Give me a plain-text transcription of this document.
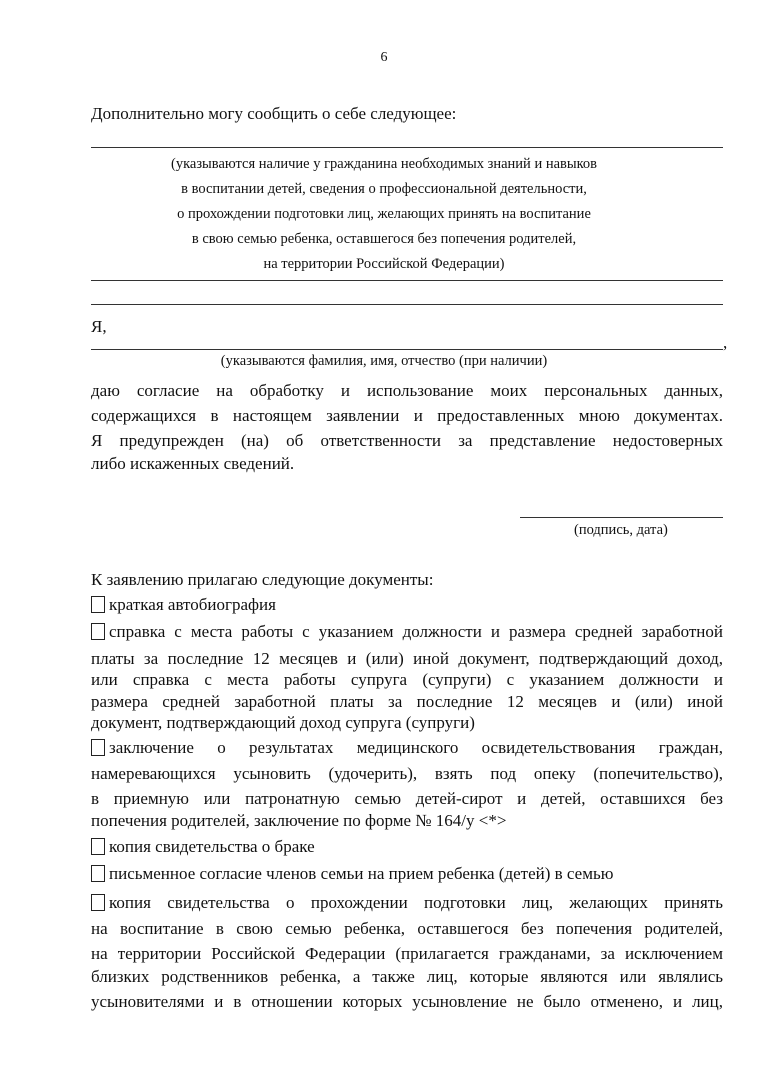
6
Дополнительно могу сообщить о себе следующее:
(указываются наличие у гражданина необходимых знаний и навыков
в воспитании детей, сведения о профессиональной деятельности,
о прохождении подготовки лиц, желающих принять на воспитание
в свою семью ребенка, оставшегося без попечения родителей,
на территории Российской Федерации)
Я,
,
(указываются фамилия, имя, отчество (при наличии)
даю согласие на обработку и использование моих персональных данных,
содержащихся в настоящем заявлении и предоставленных мною документах.
Я предупрежден (на) об ответственности за представление недостоверных
либо искаженных сведений.
(подпись, дата)
К заявлению прилагаю следующие документы:
краткая автобиография
справка с места работы с указанием должности и размера средней заработной
платы за последние 12 месяцев и (или) иной документ, подтверждающий доход,
или справка с места работы супруга (супруги) с указанием должности и
размера средней заработной платы за последние 12 месяцев и (или) иной
документ, подтверждающий доход супруга (супруги)
заключение о результатах медицинского освидетельствования граждан,
намеревающихся усыновить (удочерить), взять под опеку (попечительство),
в приемную или патронатную семью детей-сирот и детей, оставшихся без
попечения родителей, заключение по форме № 164/у <*>
копия свидетельства о браке
письменное согласие членов семьи на прием ребенка (детей) в семью
копия свидетельства о прохождении подготовки лиц, желающих принять
на воспитание в свою семью ребенка, оставшегося без попечения родителей,
на территории Российской Федерации (прилагается гражданами, за исключением
близких родственников ребенка, а также лиц, которые являются или являлись
усыновителями и в отношении которых усыновление не было отменено, и лиц,
